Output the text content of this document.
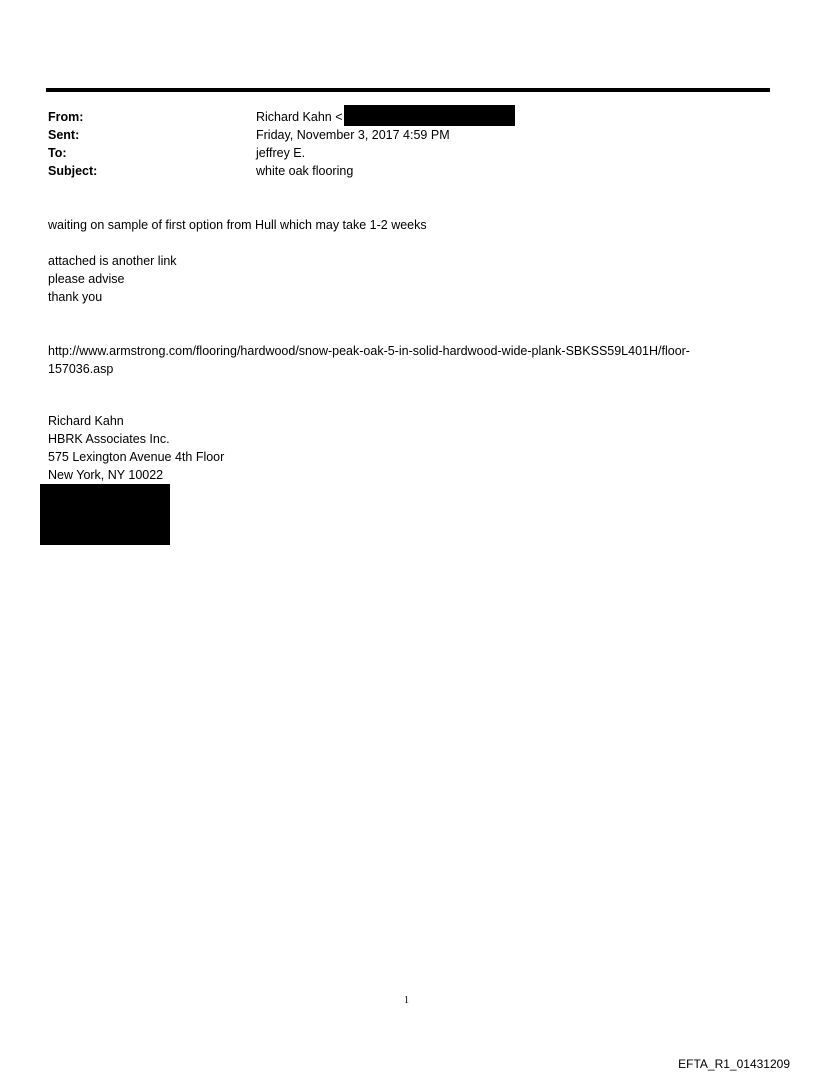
From:
Sent:
To:
Subject:
Richard Kahn <
Friday, November 3, 2017 4:59 PM
jeffrey E.
white oak flooring
waiting on sample of first option from Hull which may take 1-2 weeks
attached is another link
please advise
thank you
http://www.armstrong.com/flooring/hardwood/snow-peak-oak-5-in-solid-hardwood-wide-plank-SBKSS59L401H/floor-
157036.asp
Richard Kahn
HBRK Associates Inc.
575 Lexington Avenue 4th Floor
New York, NY 10022
1
EFTA_R1_01431209
